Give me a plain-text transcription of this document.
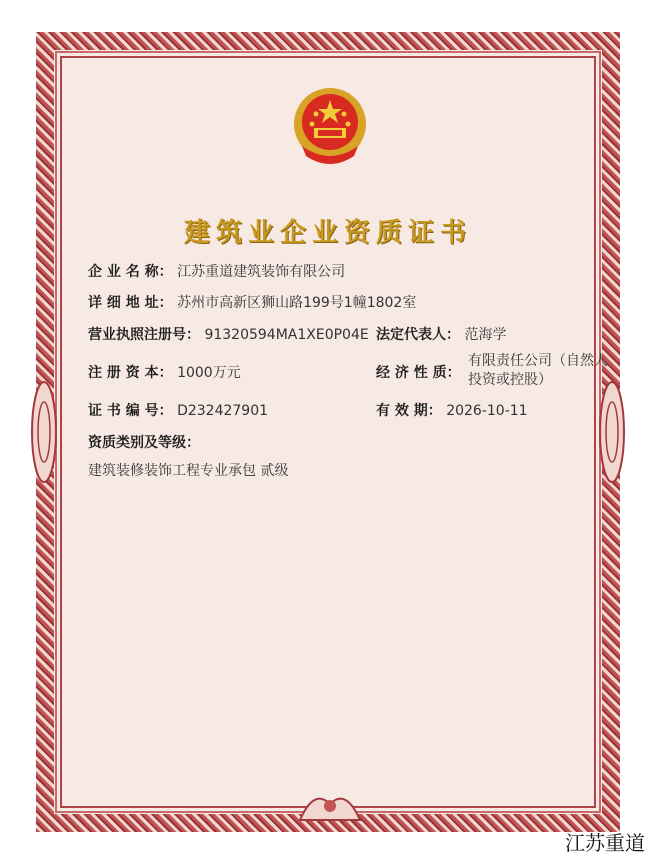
建筑业企业资质证书
企 业 名 称： 江苏重道建筑装饰有限公司
详 细 地 址： 苏州市高新区狮山路199号1幢1802室
营业执照注册号： 91320594MA1XE0P04E 法定代表人： 范海学
注 册 资 本： 1000万元	经 济 性 质：
有限责任公司（自然人
投资或控股）
证 书 编 号： D232427901	有 效 期： 2026-10-11
资质类别及等级：
建筑装修装饰工程专业承包 贰级
江苏重道
